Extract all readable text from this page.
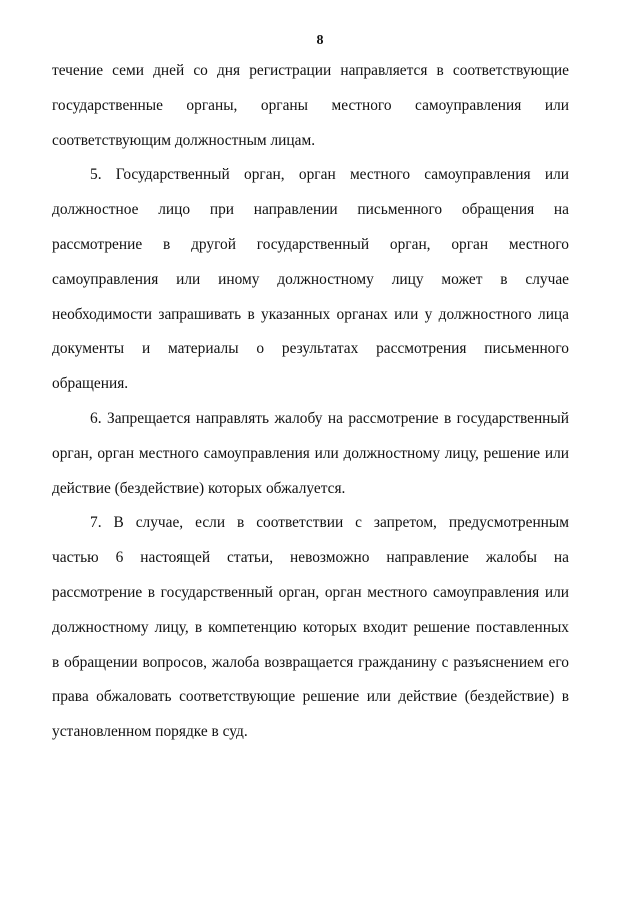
8
течение семи дней со дня регистрации направляется в соответствующие
государственные органы, органы местного самоуправления или
соответствующим должностным лицам.
5. Государственный орган, орган местного самоуправления или
должностное лицо при направлении письменного обращения на
рассмотрение в другой государственный орган, орган местного
самоуправления или иному должностному лицу может в случае
необходимости запрашивать в указанных органах или у должностного лица
документы и материалы о результатах рассмотрения письменного
обращения.
6. Запрещается направлять жалобу на рассмотрение в государственный
орган, орган местного самоуправления или должностному лицу, решение или
действие (бездействие) которых обжалуется.
7. В случае, если в соответствии с запретом, предусмотренным
частью 6 настоящей статьи, невозможно направление жалобы на
рассмотрение в государственный орган, орган местного самоуправления или
должностному лицу, в компетенцию которых входит решение поставленных
в обращении вопросов, жалоба возвращается гражданину с разъяснением его
права обжаловать соответствующие решение или действие (бездействие) в
установленном порядке в суд.
